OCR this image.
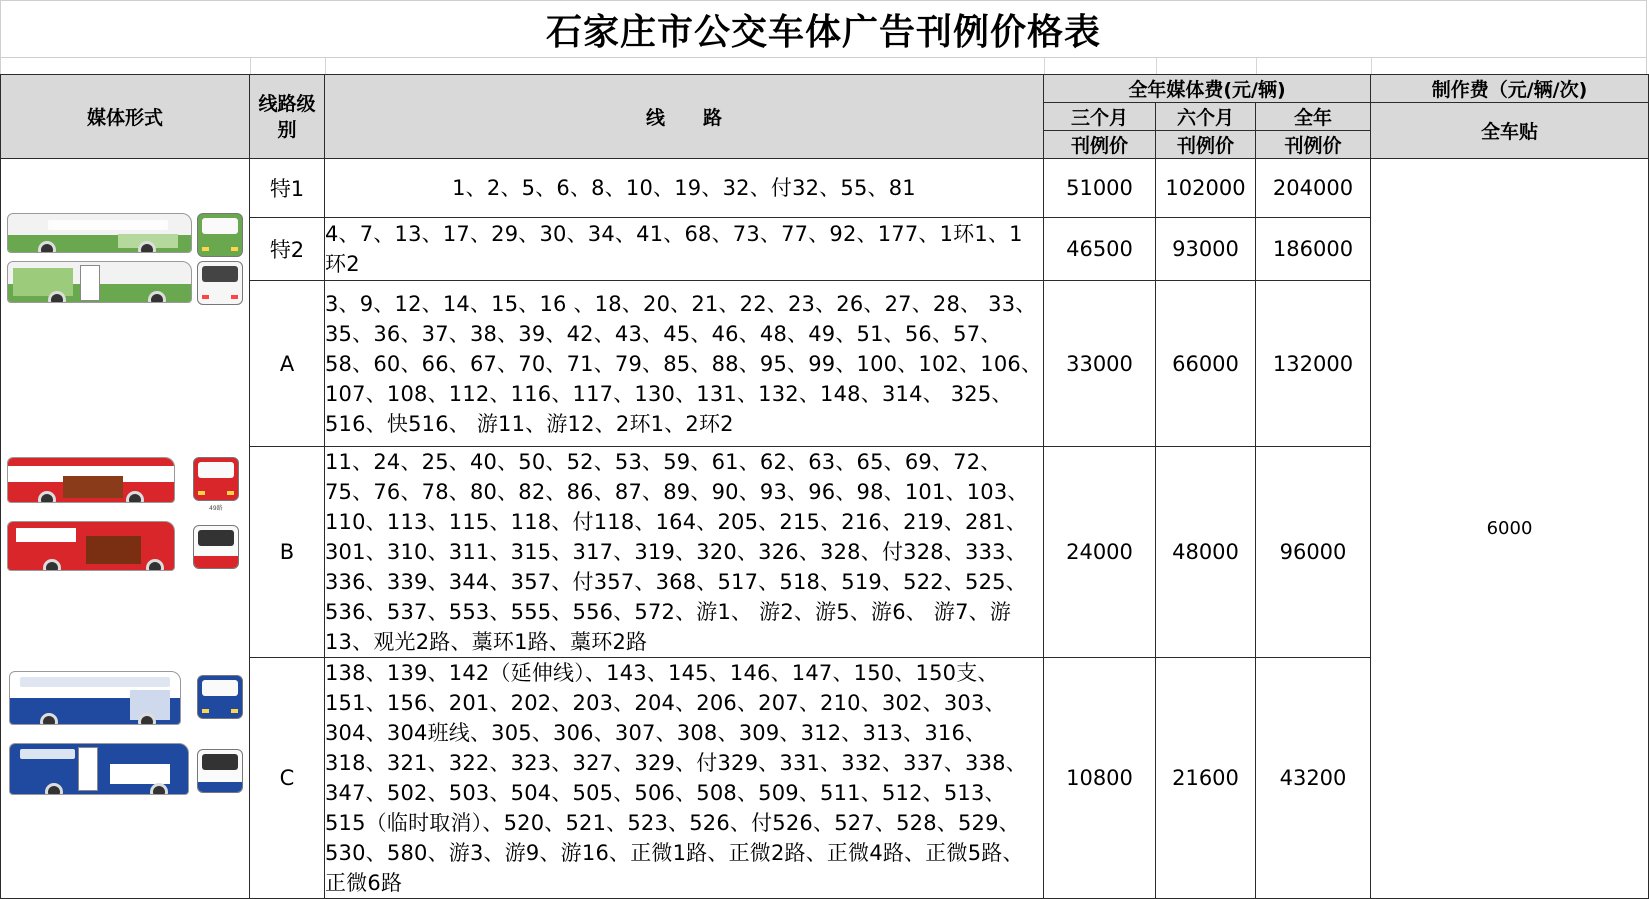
石家庄市公交车体广告刊例价格表
媒体形式	线路级别	线　　路	全年媒体费(元/辆)			制作费（元/辆/次)
			三个月	六个月	全年	全车贴
			刊例价	刊例价	刊例价	

49路	特1	1、2、5、6、8、10、19、32、付32、55、81	51000	102000	204000	6000
	特2	4、7、13、17、29、30、34、41、68、73、77、92、177、1环1、1环2	46500	93000	186000	
	A	3、9、12、14、15、16 、18、20、21、22、23、26、27、28、 33、35、36、37、38、39、42、43、45、46、48、49、51、56、57、58、60、66、67、70、71、79、85、88、95、99、100、102、106、107、108、112、116、117、130、131、132、148、314、 325、516、快516、 游11、游12、2环1、2环2	33000	66000	132000	
	B	11、24、25、40、50、52、53、59、61、62、63、65、69、72、 75、76、78、80、82、86、87、89、90、93、96、98、101、103、110、113、115、118、付118、164、205、215、216、219、281、301、310、311、315、317、319、320、326、328、付328、333、336、339、344、357、付357、368、517、518、519、522、525、536、537、553、555、556、572、游1、 游2、游5、游6、 游7、游13、观光2路、藁环1路、藁环2路	24000	48000	96000	
	C	138、139、142（延伸线）、143、145、146、147、150、150支、151、156、201、202、203、204、206、207、210、302、303、304、304班线、305、306、307、308、309、312、313、316、318、321、322、323、327、329、付329、331、332、337、338、347、502、503、504、505、506、508、509、511、512、513、515（临时取消）、520、521、523、526、付526、527、528、529、530、580、游3、游9、游16、正微1路、正微2路、正微4路、正微5路、正微6路	10800	21600	43200	
